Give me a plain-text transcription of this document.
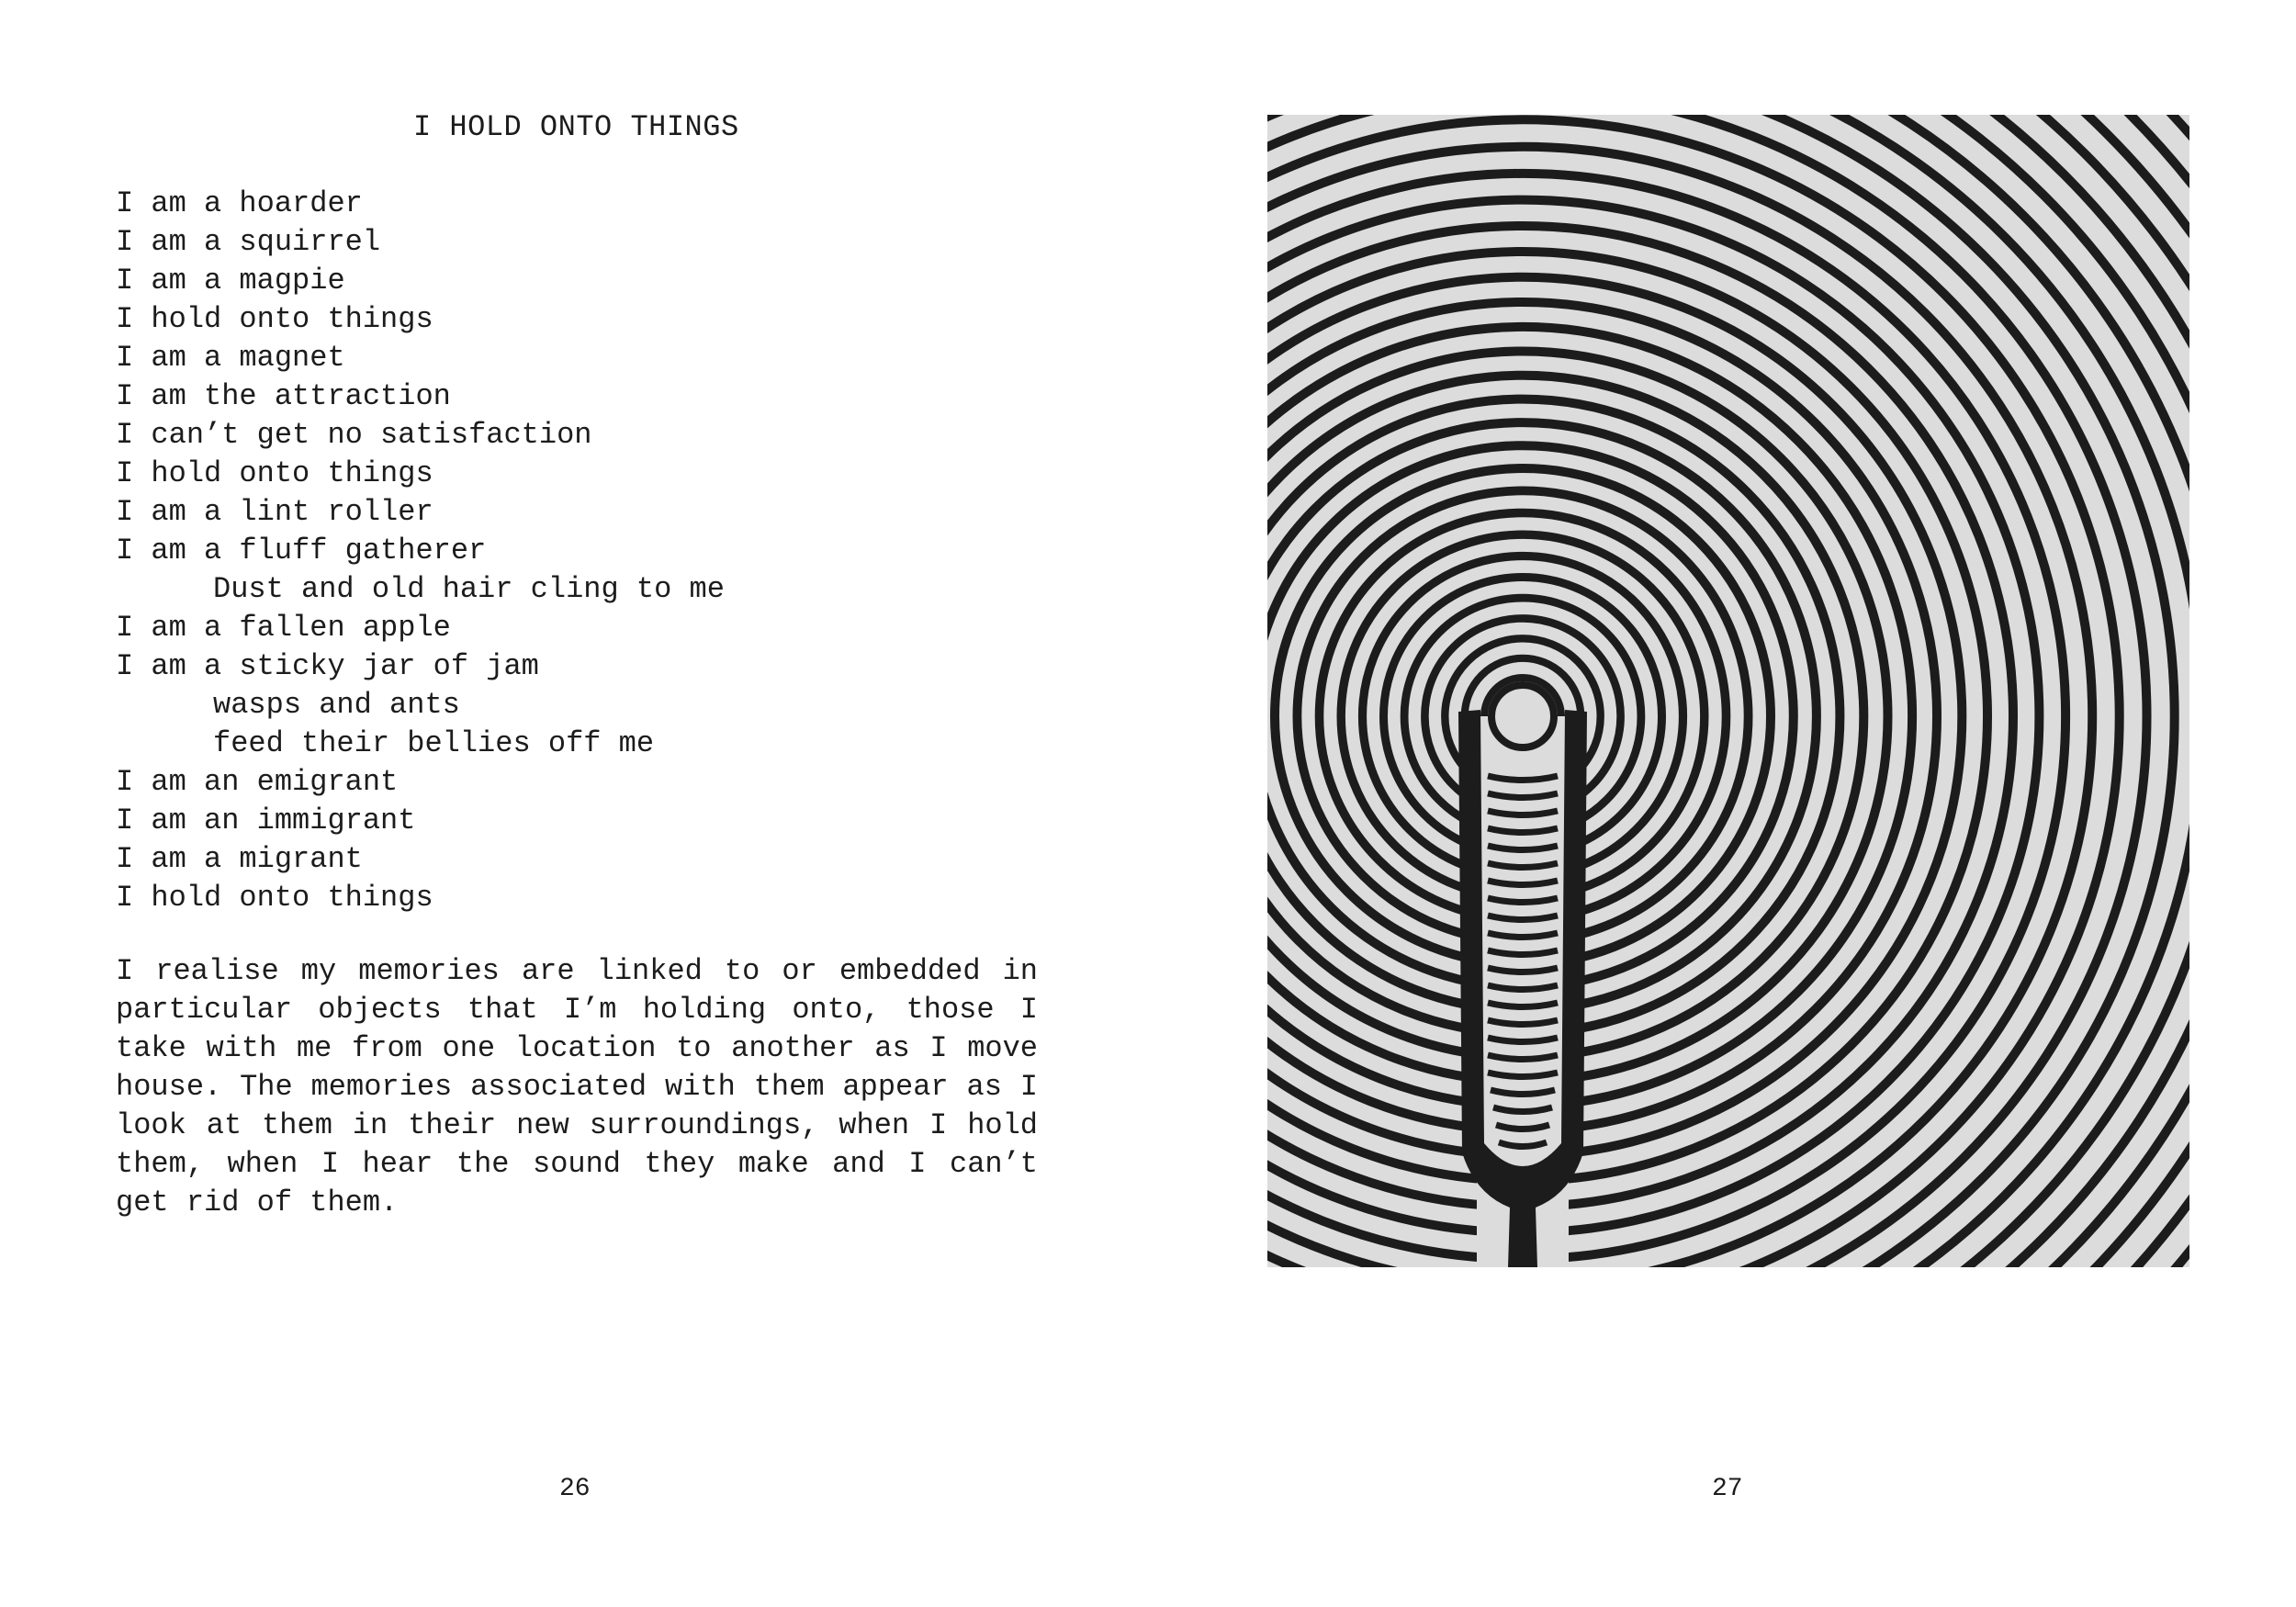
I HOLD ONTO THINGS
I am a hoarder
I am a squirrel
I am a magpie
I hold onto things
I am a magnet
I am the attraction
I can’t get no satisfaction
I hold onto things
I am a lint roller
I am a fluff gatherer
Dust and old hair cling to me
I am a fallen apple
I am a sticky jar of jam
wasps and ants
feed their bellies off me
I am an emigrant
I am an immigrant
I am a migrant
I hold onto things

I realise my memories are linked to or embedded in particular objects that I’m holding onto, those I take with me from one location to another as I move house. The memories associated with them appear as I look at them in their new surroundings, when I hold them, when I hear the sound they make and I can’t get rid of them.

26	27
